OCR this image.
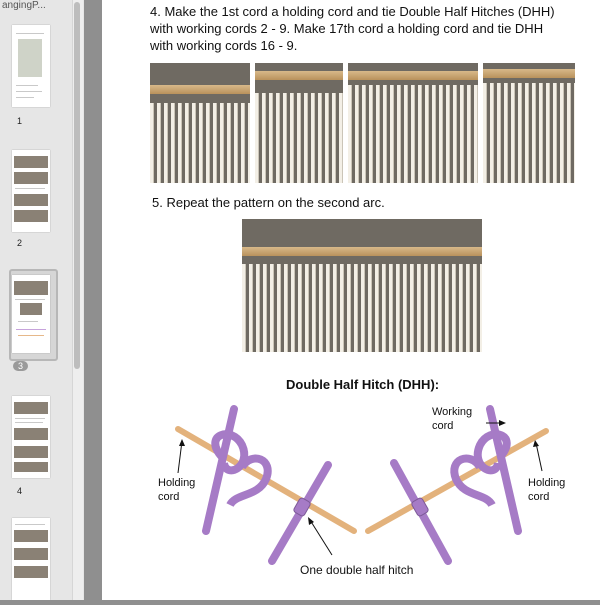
angingP...
1
2
3
4
4. Make the 1st cord a holding cord and tie Double Half Hitches (DHH)
with working cords 2 - 9. Make 17th cord a holding cord and tie DHH
with working cords 16 - 9.
5. Repeat the pattern on the second arc.
Double Half Hitch (DHH):
Working
cord
Holding
cord
Holding
cord
One double half hitch
